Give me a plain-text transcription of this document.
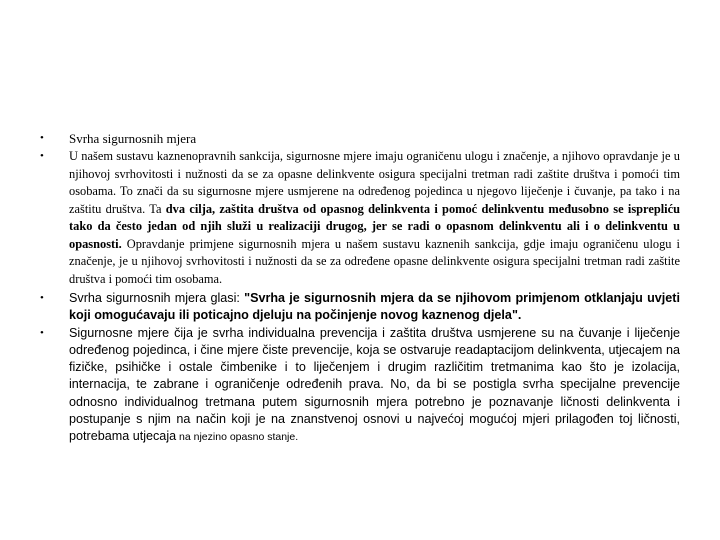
• Svrha sigurnosnih mjera
• U našem sustavu kaznenopravnih sankcija, sigurnosne mjere imaju ograničenu ulogu i značenje, a njihovo opravdanje je u njihovoj svrhovitosti i nužnosti da se za opasne delinkvente osigura specijalni tretman radi zaštite društva i pomoći tim osobama. To znači da su sigurnosne mjere usmjerene na određenog pojedinca u njegovo liječenje i čuvanje, pa tako i na zaštitu društva. Ta dva cilja, zaštita društva od opasnog delinkventa i pomoć delinkventu međusobno se isprepliću tako da često jedan od njih služi u realizaciji drugog, jer se radi o opasnom delinkventu ali i o delinkventu u opasnosti. Opravdanje primjene sigurnosnih mjera u našem sustavu kaznenih sankcija, gdje imaju ograničenu ulogu i značenje, je u njihovoj svrhovitosti i nužnosti da se za određene opasne delinkvente osigura specijalni tretman radi zaštite društva i pomoći tim osobama.
• Svrha sigurnosnih mjera glasi: "Svrha je sigurnosnih mjera da se njihovom primjenom otklanjaju uvjeti koji omogućavaju ili poticajno djeluju na počinjenje novog kaznenog djela".
• Sigurnosne mjere čija je svrha individualna prevencija i zaštita društva usmjerene su na čuvanje i liječenje određenog pojedinca, i čine mjere čiste prevencije, koja se ostvaruje readaptacijom delinkventa, utjecajem na fizičke, psihičke i ostale čimbenike i to liječenjem i drugim različitim tretmanima kao što je izolacija, internacija, te zabrane i ograničenje određenih prava. No, da bi se postigla svrha specijalne prevencije odnosno individualnog tretmana putem sigurnosnih mjera potrebno je poznavanje ličnosti delinkventa i postupanje s njim na način koji je na znanstvenoj osnovi u najvećoj mogućoj mjeri prilagođen toj ličnosti, potrebama utjecaja na njezino opasno stanje.
